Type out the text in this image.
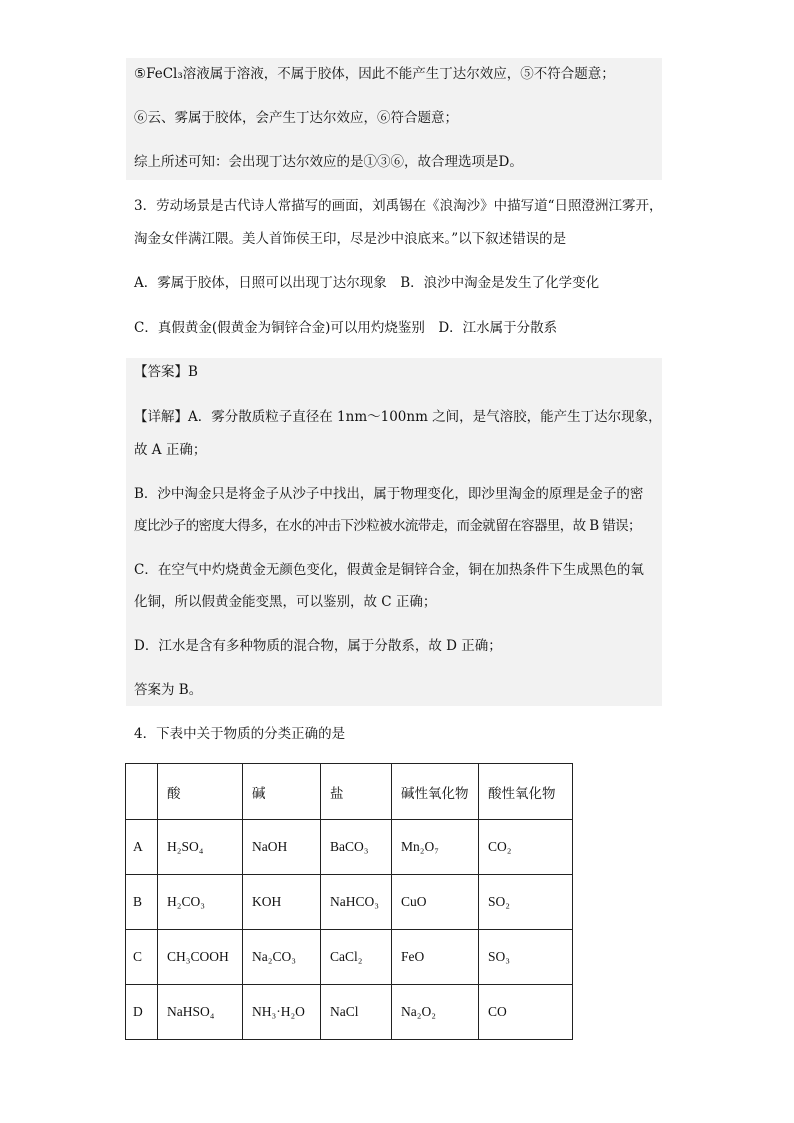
⑤FeCl₃溶液属于溶液，不属于胶体，因此不能产生丁达尔效应，⑤不符合题意；
⑥云、雾属于胶体，会产生丁达尔效应，⑥符合题意；
综上所述可知：会出现丁达尔效应的是①③⑥，故合理选项是D。
3．劳动场景是古代诗人常描写的画面，刘禹锡在《浪淘沙》中描写道“日照澄洲江雾开，
淘金女伴满江隈。美人首饰侯王印，尽是沙中浪底来。”以下叙述错误的是
A．雾属于胶体，日照可以出现丁达尔现象　B．浪沙中淘金是发生了化学变化
C．真假黄金(假黄金为铜锌合金)可以用灼烧鉴别　D．江水属于分散系
【答案】B
【详解】A．雾分散质粒子直径在 1nm～100nm 之间，是气溶胶，能产生丁达尔现象，
故 A 正确；
B．沙中淘金只是将金子从沙子中找出，属于物理变化，即沙里淘金的原理是金子的密
度比沙子的密度大得多，在水的冲击下沙粒被水流带走，而金就留在容器里，故 B 错误；
C．在空气中灼烧黄金无颜色变化，假黄金是铜锌合金，铜在加热条件下生成黑色的氧
化铜，所以假黄金能变黑，可以鉴别，故 C 正确；
D．江水是含有多种物质的混合物，属于分散系，故 D 正确；
答案为 B。
4．下表中关于物质的分类正确的是
	酸	碱	盐	碱性氧化物	酸性氧化物
A	H₂SO₄	NaOH	BaCO₃	Mn₂O₇	CO₂
B	H₂CO₃	KOH	NaHCO₃	CuO	SO₂
C	CH₃COOH	Na₂CO₃	CaCl₂	FeO	SO₃
D	NaHSO₄	NH₃·H₂O	NaCl	Na₂O₂	CO
